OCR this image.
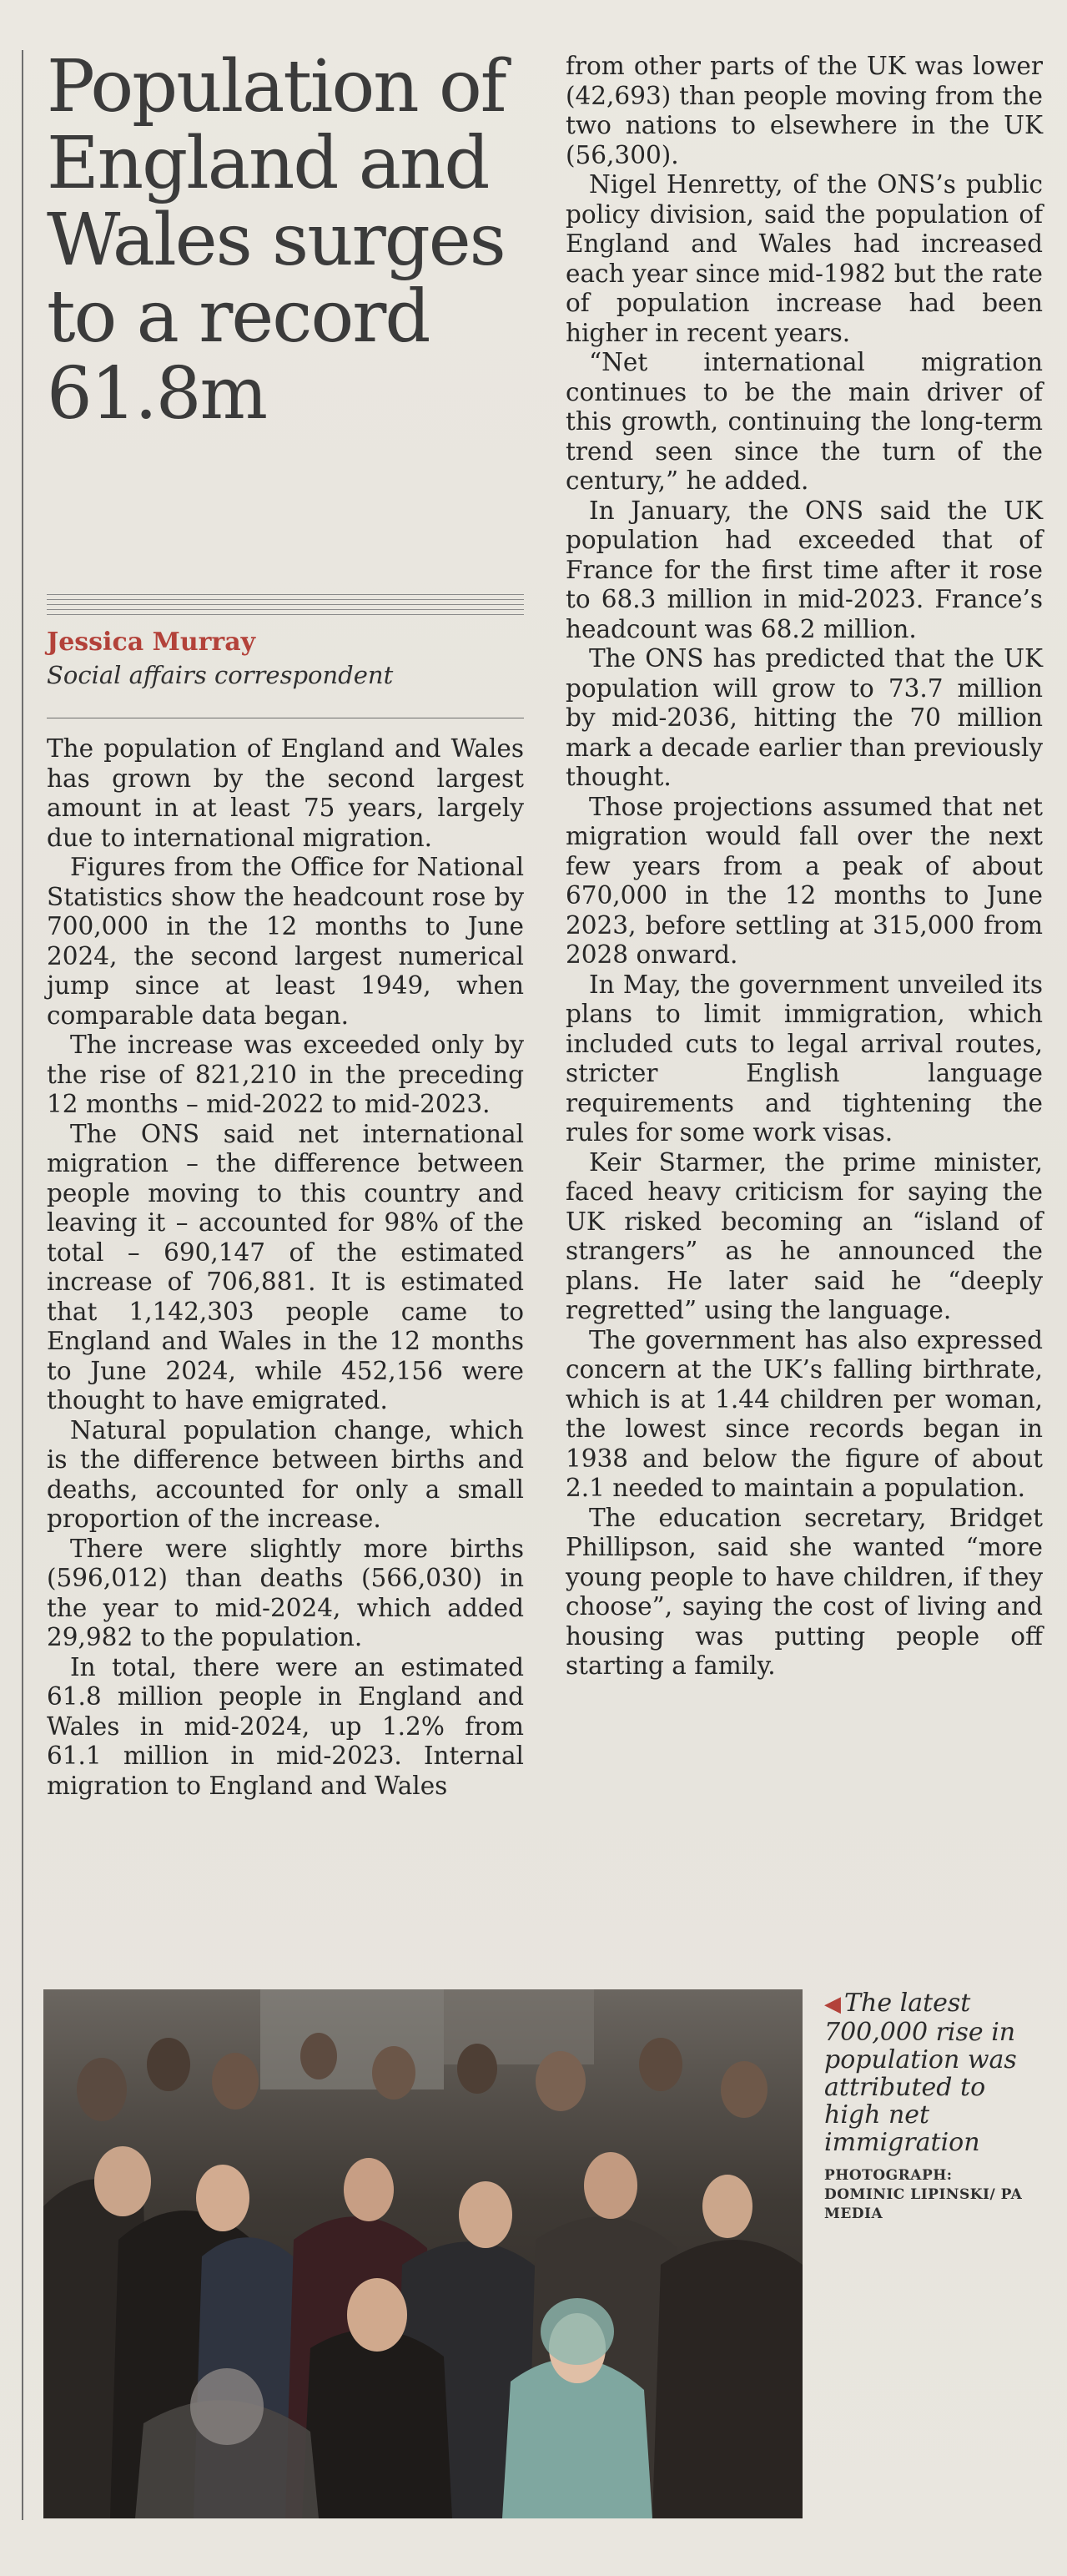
Population of England and Wales surges to a record 61.8m
Jessica Murray
Social affairs correspondent

The population of England and Wales has grown by the second largest amount in at least 75 years, largely due to international migration.

Figures from the Office for National Statistics show the headcount rose by 700,000 in the 12 months to June 2024, the second largest numerical jump since at least 1949, when comparable data began.

The increase was exceeded only by the rise of 821,210 in the preceding 12 months – mid-2022 to mid-2023.

The ONS said net international migration – the difference between people moving to this country and leaving it – accounted for 98% of the total – 690,147 of the estimated increase of 706,881. It is estimated that 1,142,303 people came to England and Wales in the 12 months to June 2024, while 452,156 were thought to have emigrated.

Natural population change, which is the difference between births and deaths, accounted for only a small proportion of the increase.

There were slightly more births (596,012) than deaths (566,030) in the year to mid-2024, which added 29,982 to the population.

In total, there were an estimated 61.8 million people in England and Wales in mid-2024, up 1.2% from 61.1 million in mid-2023. Internal migration to England and Wales

from other parts of the UK was lower (42,693) than people moving from the two nations to elsewhere in the UK (56,300).

Nigel Henretty, of the ONS’s public policy division, said the population of England and Wales had increased each year since mid-1982 but the rate of population increase had been higher in recent years.

“Net international migration continues to be the main driver of this growth, continuing the long-term trend seen since the turn of the century,” he added.

In January, the ONS said the UK population had exceeded that of France for the first time after it rose to 68.3 million in mid-2023. France’s headcount was 68.2 million.

The ONS has predicted that the UK population will grow to 73.7 million by mid-2036, hitting the 70 million mark a decade earlier than previously thought.

Those projections assumed that net migration would fall over the next few years from a peak of about 670,000 in the 12 months to June 2023, before settling at 315,000 from 2028 onward.

In May, the government unveiled its plans to limit immigration, which included cuts to legal arrival routes, stricter English language requirements and tightening the rules for some work visas.

Keir Starmer, the prime minister, faced heavy criticism for saying the UK risked becoming an “island of strangers” as he announced the plans. He later said he “deeply regretted” using the language.

The government has also expressed concern at the UK’s falling birthrate, which is at 1.44 children per woman, the lowest since records began in 1938 and below the figure of about 2.1 needed to maintain a population.

The education secretary, Bridget Phillipson, said she wanted “more young people to have children, if they choose”, saying the cost of living and housing was putting people off starting a family.

◀ The latest 700,000 rise in population was attributed to high net immigration
PHOTOGRAPH:
DOMINIC LIPINSKI/ PA MEDIA
